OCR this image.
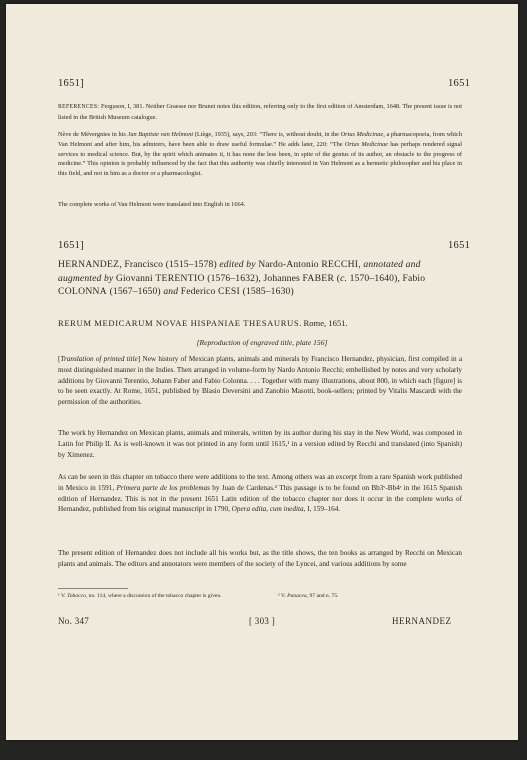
1651]	1651
REFERENCES: Ferguson, I, 381. Neither Graesse nor Brunet notes this edition, referring only to the first edition of Amsterdam, 1648. The present issue is not listed in the British Museum catalogue.
Nève de Mévergnies in his Jan Baptiste van Helmont (Liège, 1935), says, 203: “There is, without doubt, in the Ortus Medicinae, a pharmacopoeia, from which Van Helmont and after him, his admirers, have been able to draw useful formulae.” He adds later, 220: “The Ortus Medicinae has perhaps rendered signal services to medical science. But, by the spirit which animates it, it has none the less been, in spite of the genius of its author, an obstacle to the progress of medicine.” This opinion is probably influenced by the fact that this authority was chiefly interested in Van Helmont as a hermetic philosopher and his place in this field, and not in him as a doctor or a pharmacologist.
The complete works of Van Helmont were translated into English in 1664.
1651]	1651
HERNANDEZ, Francisco (1515–1578) edited by Nardo-Antonio RECCHI, annotated and augmented by Giovanni TERENTIO (1576–1632), Johannes FABER (c. 1570–1640), Fabio COLONNA (1567–1650) and Federico CESI (1585–1630)
RERUM MEDICARUM NOVAE HISPANIAE THESAURUS. Rome, 1651.
[Reproduction of engraved title, plate 156]
[Translation of printed title] New history of Mexican plants, animals and minerals by Francisco Hernandez, physician, first compiled in a most distinguished manner in the Indies. Then arranged in volume-form by Nardo Antonio Recchi; embellished by notes and very scholarly additions by Giovanni Terentio, Johann Faber and Fabio Colonna. . . . Together with many illustrations, about 800, in which each [figure] is to be seen exactly. At Rome, 1651, published by Blasio Deversini and Zanobio Masotti, book-sellers; printed by Vitalis Mascardi with the permission of the authorities.
The work by Hernandez on Mexican plants, animals and minerals, written by its author during his stay in the New World, was composed in Latin for Philip II. As is well-known it was not printed in any form until 1615,¹ in a version edited by Recchi and translated (into Spanish) by Ximenez.
As can be seen in this chapter on tobacco there were additions to the text. Among others was an excerpt from a rare Spanish work published in Mexico in 1591, Primera parte de los problemas by Juan de Cardenas.² This passage is to be found on Bb3ᵛ-Bb4ʳ in the 1615 Spanish edition of Hernandez. This is not in the present 1651 Latin edition of the tobacco chapter nor does it occur in the complete works of Hernandez, published from his original manuscript in 1790, Opera edita, cum inedita, I, 159–164.
The present edition of Hernandez does not include all his works but, as the title shows, the ten books as arranged by Recchi on Mexican plants and animals. The editors and annotators were members of the society of the Lyncei, and various additions by some
¹ V. Tobacco, no. 114, where a discussion of the tobacco chapter is given.	² V. Panacea, 97 and n. 75.
No. 347	[ 303 ]	HERNANDEZ
